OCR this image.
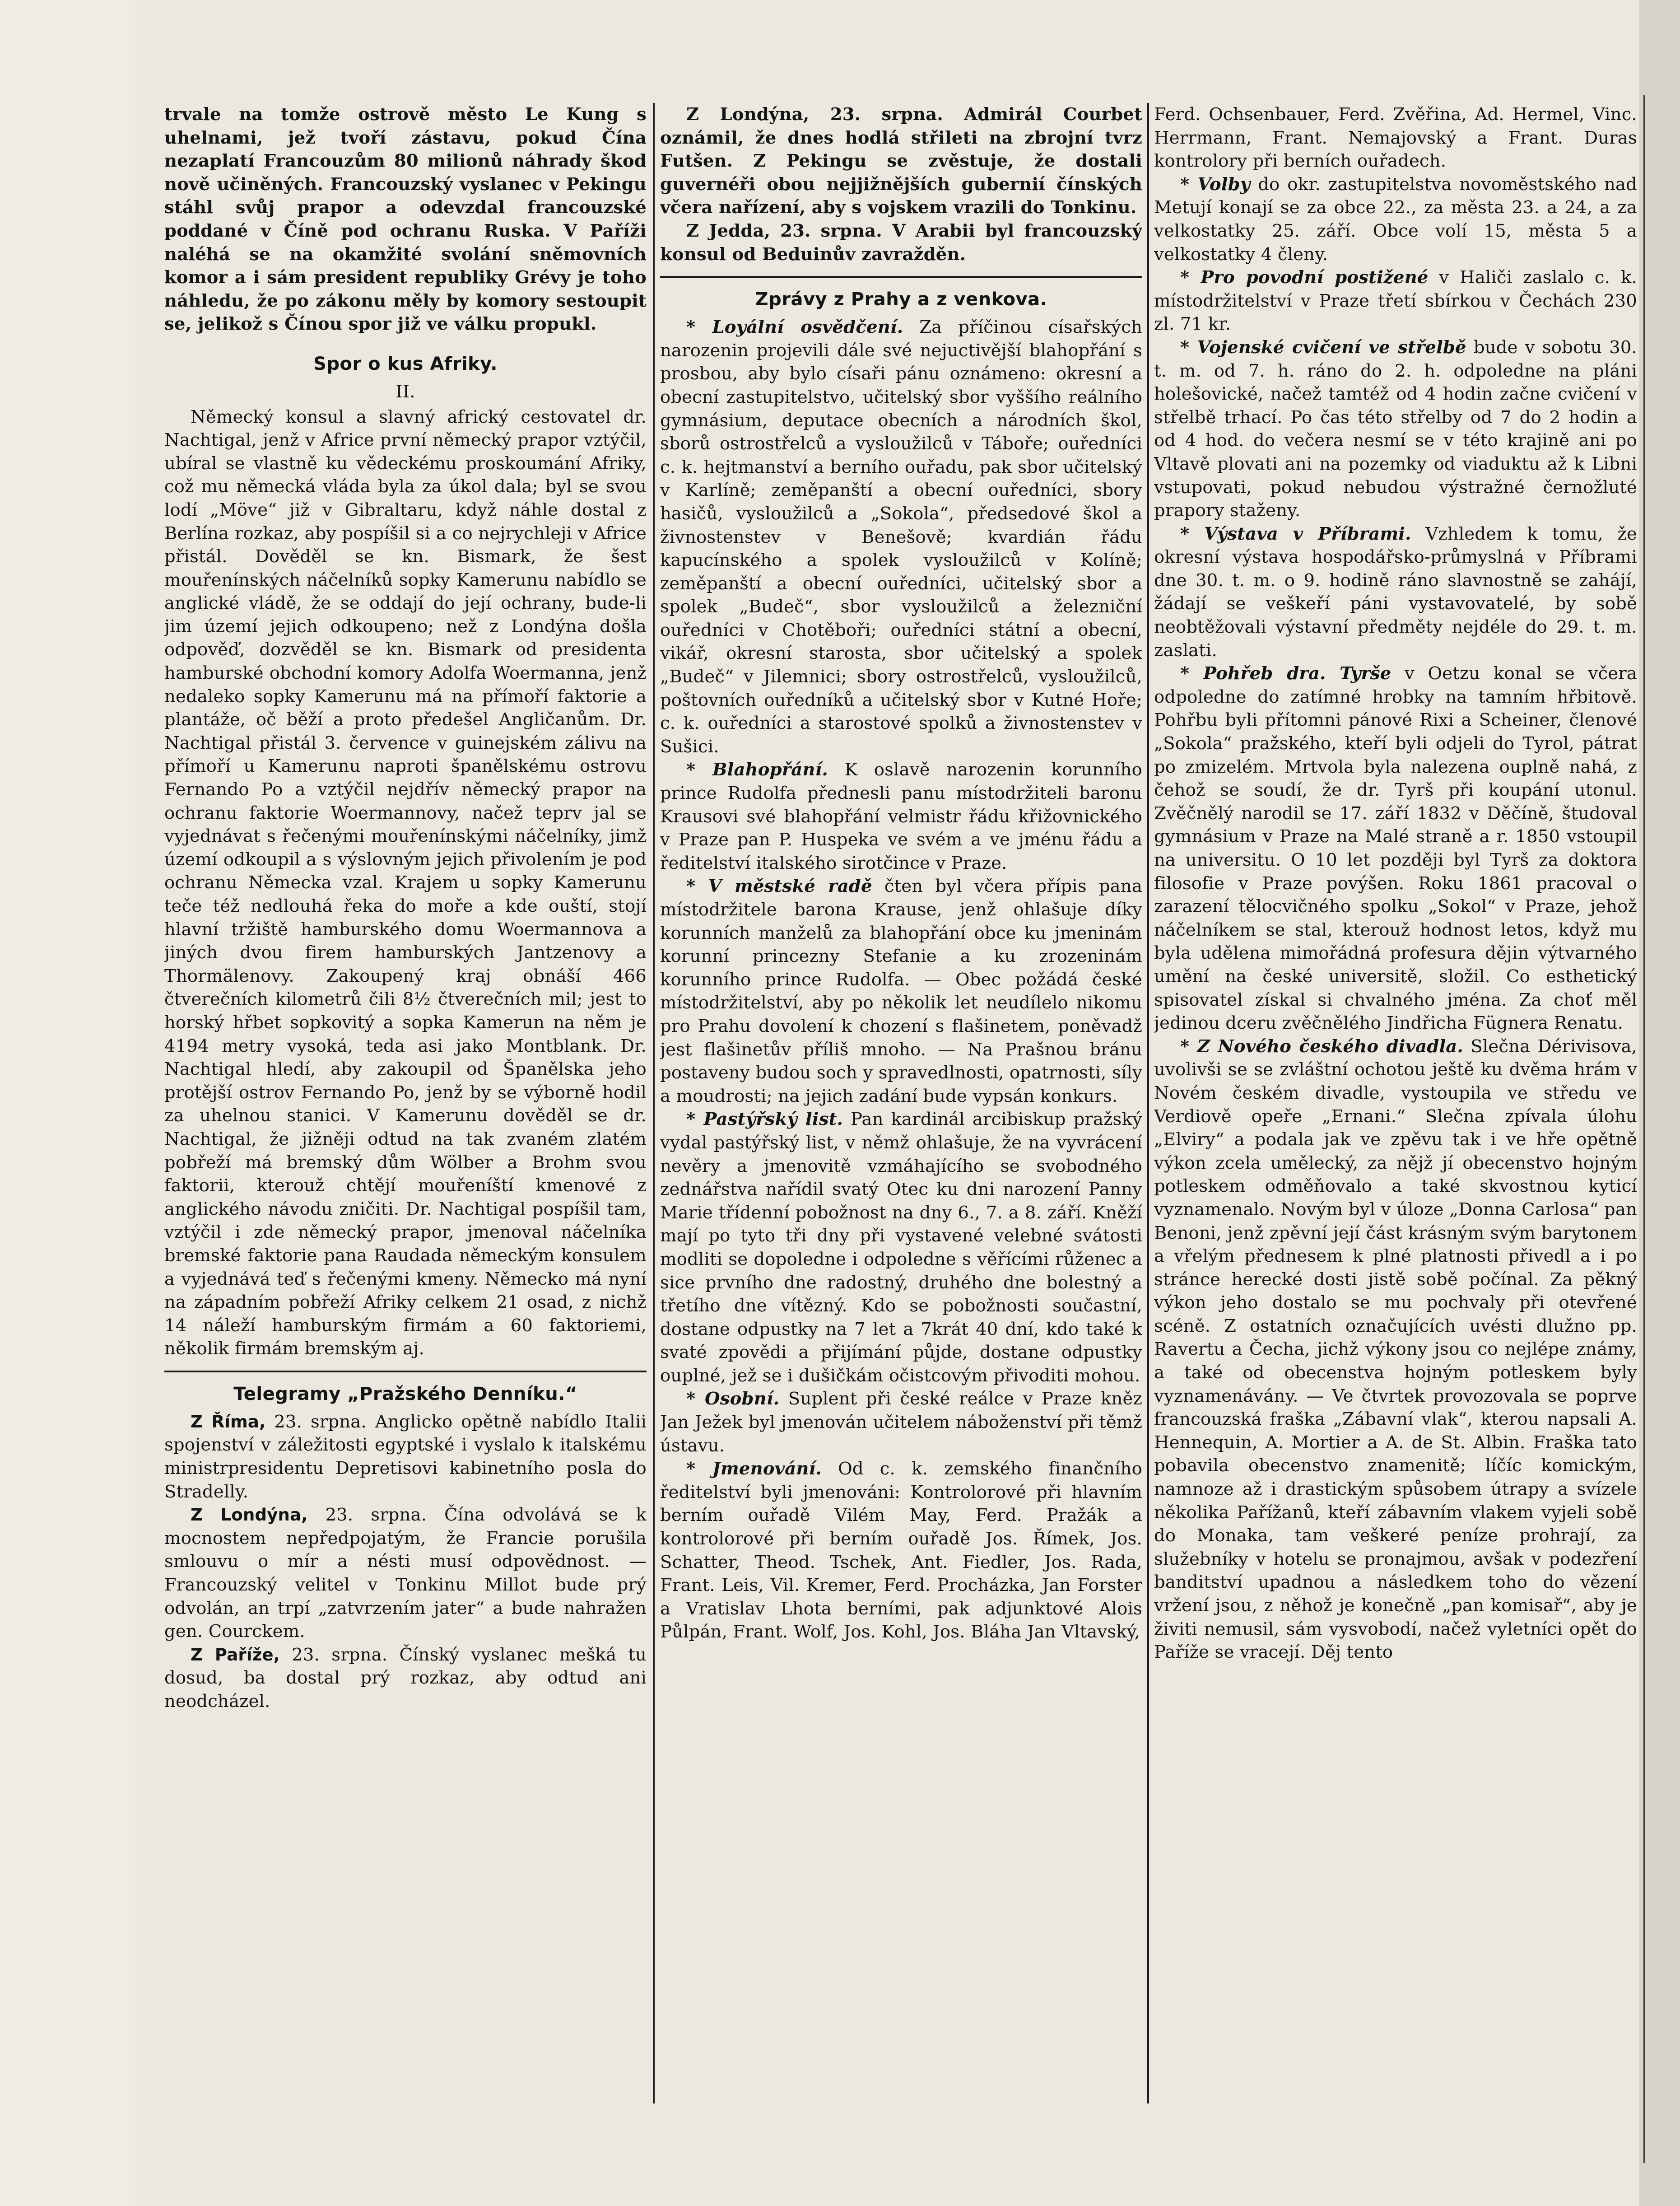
trvale na tomže ostrově město Le Kung s uhelnami, jež tvoří zástavu, pokud Čína nezaplatí Francouzům 80 milionů náhrady škod nově učiněných. Francouzský vyslanec v Pekingu stáhl svůj prapor a odevzdal francouzské poddané v Číně pod ochranu Ruska. V Paříži naléhá se na okamžité svolání sněmovních komor a i sám president republiky Grévy je toho náhledu, že po zákonu měly by komory sestoupit se, jelikož s Čínou spor již ve válku propukl.

Spor o kus Afriky.
II.

Německý konsul a slavný africký cestovatel dr. Nachtigal, jenž v Africe první německý prapor vztýčil, ubíral se vlastně ku vědeckému proskoumání Afriky, což mu německá vláda byla za úkol dala; byl se svou lodí „Möve“ již v Gibraltaru, když náhle dostal z Berlína rozkaz, aby pospíšil si a co nejrychleji v Africe přistál. Dověděl se kn. Bismark, že šest mouřenínských náčelníků sopky Kamerunu nabídlo se anglické vládě, že se oddají do její ochrany, bude-li jim území jejich odkoupeno; než z Londýna došla odpověď, dozvěděl se kn. Bismark od presidenta hamburské obchodní komory Adolfa Woermanna, jenž nedaleko sopky Kamerunu má na přímoří faktorie a plantáže, oč běží a proto předešel Angličanům. Dr. Nachtigal přistál 3. července v guinejském zálivu na přímoří u Kamerunu naproti španělskému ostrovu Fernando Po a vztýčil nejdřív německý prapor na ochranu faktorie Woermannovy, načež teprv jal se vyjednávat s řečenými mouřenínskými náčelníky, jimž území odkoupil a s výslovným jejich přivolením je pod ochranu Německa vzal. Krajem u sopky Kamerunu teče též nedlouhá řeka do moře a kde ouští, stojí hlavní tržiště hamburského domu Woermannova a jiných dvou firem hamburských Jantzenovy a Thormälenovy. Zakoupený kraj obnáší 466 čtverečních kilometrů čili 8½ čtverečních mil; jest to horský hřbet sopkovitý a sopka Kamerun na něm je 4194 metry vysoká, teda asi jako Montblank. Dr. Nachtigal hledí, aby zakoupil od Španělska jeho protější ostrov Fernando Po, jenž by se výborně hodil za uhelnou stanici. V Kamerunu dověděl se dr. Nachtigal, že jižněji odtud na tak zvaném zlatém pobřeží má bremský dům Wölber a Brohm svou faktorii, kterouž chtějí mouřeníští kmenové z anglického návodu zničiti. Dr. Nachtigal pospíšil tam, vztýčil i zde německý prapor, jmenoval náčelníka bremské faktorie pana Raudada německým konsulem a vyjednává teď s řečenými kmeny. Německo má nyní na západním pobřeží Afriky celkem 21 osad, z nichž 14 náleží hamburským firmám a 60 faktoriemi, několik firmám bremským aj.

Telegramy „Pražského Denníku.“

Z Říma, 23. srpna. Anglicko opětně nabídlo Italii spojenství v záležitosti egyptské i vyslalo k italskému ministrpresidentu Depretisovi kabinetního posla do Stradelly.

Z Londýna, 23. srpna. Čína odvolává se k mocnostem nepředpojatým, že Francie porušila smlouvu o mír a nésti musí odpovědnost. — Francouzský velitel v Tonkinu Millot bude prý odvolán, an trpí „zatvrzením jater“ a bude nahražen gen. Courckem.

Z Paříže, 23. srpna. Čínský vyslanec mešká tu dosud, ba dostal prý rozkaz, aby odtud ani neodcházel.

Z Londýna, 23. srpna. Admirál Courbet oznámil, že dnes hodlá střileti na zbrojní tvrz Futšen. Z Pekingu se zvěstuje, že dostali guvernéři obou nejjižnějších gubernií čínských včera nařízení, aby s vojskem vrazili do Tonkinu.

Z Jedda, 23. srpna. V Arabii byl francouzský konsul od Beduinův zavražděn.

Zprávy z Prahy a z venkova.

* Loyální osvědčení. Za příčinou císařských narozenin projevili dále své nejuctivější blahopřání s prosbou, aby bylo císaři pánu oznámeno: okresní a obecní zastupitelstvo, učitelský sbor vyššího reálního gymnásium, deputace obecních a národních škol, sborů ostrostřelců a vysloužilců v Táboře; ouředníci c. k. hejtmanství a berního ouřadu, pak sbor učitelský v Karlíně; zeměpanští a obecní ouředníci, sbory hasičů, vysloužilců a „Sokola“, předsedové škol a živnostenstev v Benešově; kvardián řádu kapucínského a spolek vysloužilců v Kolíně; zeměpanští a obecní ouředníci, učitelský sbor a spolek „Budeč“, sbor vysloužilců a železniční ouředníci v Chotěboři; ouředníci státní a obecní, vikář, okresní starosta, sbor učitelský a spolek „Budeč“ v Jilemnici; sbory ostrostřelců, vysloužilců, poštovních ouředníků a učitelský sbor v Kutné Hoře; c. k. ouředníci a starostové spolků a živnostenstev v Sušici.

* Blahopřání. K oslavě narozenin korunního prince Rudolfa přednesli panu místodržiteli baronu Krausovi své blahopřání velmistr řádu křižovnického v Praze pan P. Huspeka ve svém a ve jménu řádu a ředitelství italského sirotčince v Praze.

* V městské radě čten byl včera přípis pana místodržitele barona Krause, jenž ohlašuje díky korunních manželů za blahopřání obce ku jmeninám korunní princezny Stefanie a ku zrozeninám korunního prince Rudolfa. — Obec požádá české místodržitelství, aby po několik let neudílelo nikomu pro Prahu dovolení k chození s flašinetem, poněvadž jest flašinetův příliš mnoho. — Na Prašnou bránu postaveny budou soch y spravedlnosti, opatrnosti, síly a moudrosti; na jejich zadání bude vypsán konkurs.

* Pastýřský list. Pan kardinál arcibiskup pražský vydal pastýřský list, v němž ohlašuje, že na vyvrácení nevěry a jmenovitě vzmáhajícího se svobodného zednářstva nařídil svatý Otec ku dni narození Panny Marie třídenní pobožnost na dny 6., 7. a 8. září. Kněží mají po tyto tři dny při vystavené velebné svátosti modliti se dopoledne i odpoledne s věřícími růženec a sice prvního dne radostný, druhého dne bolestný a třetího dne vítězný. Kdo se pobožnosti součastní, dostane odpustky na 7 let a 7krát 40 dní, kdo také k svaté zpovědi a přijímání půjde, dostane odpustky ouplné, jež se i dušičkám očistcovým přivoditi mohou.

* Osobní. Suplent při české reálce v Praze kněz Jan Ježek byl jmenován učitelem náboženství při těmž ústavu.

* Jmenování. Od c. k. zemského finančního ředitelství byli jmenováni: Kontrolorové při hlavním berním ouřadě Vilém May, Ferd. Pražák a kontrolorové při berním ouřadě Jos. Římek, Jos. Schatter, Theod. Tschek, Ant. Fiedler, Jos. Rada, Frant. Leis, Vil. Kremer, Ferd. Procházka, Jan Forster a Vratislav Lhota berními, pak adjunktové Alois Půlpán, Frant. Wolf, Jos. Kohl, Jos. Bláha Jan Vltavský,

Ferd. Ochsenbauer, Ferd. Zvěřina, Ad. Hermel, Vinc. Herrmann, Frant. Nemajovský a Frant. Duras kontrolory při berních ouřadech.

* Volby do okr. zastupitelstva novoměstského nad Metují konají se za obce 22., za města 23. a 24, a za velkostatky 25. září. Obce volí 15, města 5 a velkostatky 4 členy.

* Pro povodní postižené v Haliči zaslalo c. k. místodržitelství v Praze třetí sbírkou v Čechách 230 zl. 71 kr.

* Vojenské cvičení ve střelbě bude v sobotu 30. t. m. od 7. h. ráno do 2. h. odpoledne na pláni holešovické, načež tamtéž od 4 hodin začne cvičení v střelbě trhací. Po čas této střelby od 7 do 2 hodin a od 4 hod. do večera nesmí se v této krajině ani po Vltavě plovati ani na pozemky od viaduktu až k Libni vstupovati, pokud nebudou výstražné černožluté prapory staženy.

* Výstava v Příbrami. Vzhledem k tomu, že okresní výstava hospodářsko-průmyslná v Příbrami dne 30. t. m. o 9. hodině ráno slavnostně se zahájí, žádají se veškeří páni vystavovatelé, by sobě neobtěžovali výstavní předměty nejdéle do 29. t. m. zaslati.

* Pohřeb dra. Tyrše v Oetzu konal se včera odpoledne do zatímné hrobky na tamním hřbitově. Pohřbu byli přítomni pánové Rixi a Scheiner, členové „Sokola“ pražského, kteří byli odjeli do Tyrol, pátrat po zmizelém. Mrtvola byla nalezena ouplně nahá, z čehož se soudí, že dr. Tyrš při koupání utonul. Zvěčnělý narodil se 17. září 1832 v Děčíně, študoval gymnásium v Praze na Malé straně a r. 1850 vstoupil na universitu. O 10 let později byl Tyrš za doktora filosofie v Praze povýšen. Roku 1861 pracoval o zarazení tělocvičného spolku „Sokol“ v Praze, jehož náčelníkem se stal, kterouž hodnost letos, když mu byla udělena mimořádná profesura dějin výtvarného umění na české universitě, složil. Co esthetický spisovatel získal si chvalného jména. Za choť měl jedinou dceru zvěčnělého Jindřicha Fügnera Renatu.

* Z Nového českého divadla. Slečna Dérivisova, uvolivši se se zvláštní ochotou ještě ku dvěma hrám v Novém českém divadle, vystoupila ve středu ve Verdiově opeře „Ernani.“ Slečna zpívala úlohu „Elviry“ a podala jak ve zpěvu tak i ve hře opětně výkon zcela umělecký, za nějž jí obecenstvo hojným potleskem odměňovalo a také skvostnou kyticí vyznamenalo. Novým byl v úloze „Donna Carlosa“ pan Benoni, jenž zpěvní její část krásným svým barytonem a vřelým přednesem k plné platnosti přivedl a i po stránce herecké dosti jistě sobě počínal. Za pěkný výkon jeho dostalo se mu pochvaly při otevřené scéně. Z ostatních označujících uvésti dlužno pp. Ravertu a Čecha, jichž výkony jsou co nejlépe známy, a také od obecenstva hojným potleskem byly vyznamenávány. — Ve čtvrtek provozovala se poprve francouzská fraška „Zábavní vlak“, kterou napsali A. Hennequin, A. Mortier a A. de St. Albin. Fraška tato pobavila obecenstvo znamenitě; líčíc komickým, namnoze až i drastickým spůsobem útrapy a svízele několika Pařížanů, kteří zábavním vlakem vyjeli sobě do Monaka, tam veškeré peníze prohrají, za služebníky v hotelu se pronajmou, avšak v podezření banditství upadnou a následkem toho do vězení vržení jsou, z něhož je konečně „pan komisař“, aby je živiti nemusil, sám vysvobodí, načež vyletníci opět do Paříže se vracejí. Děj tento
